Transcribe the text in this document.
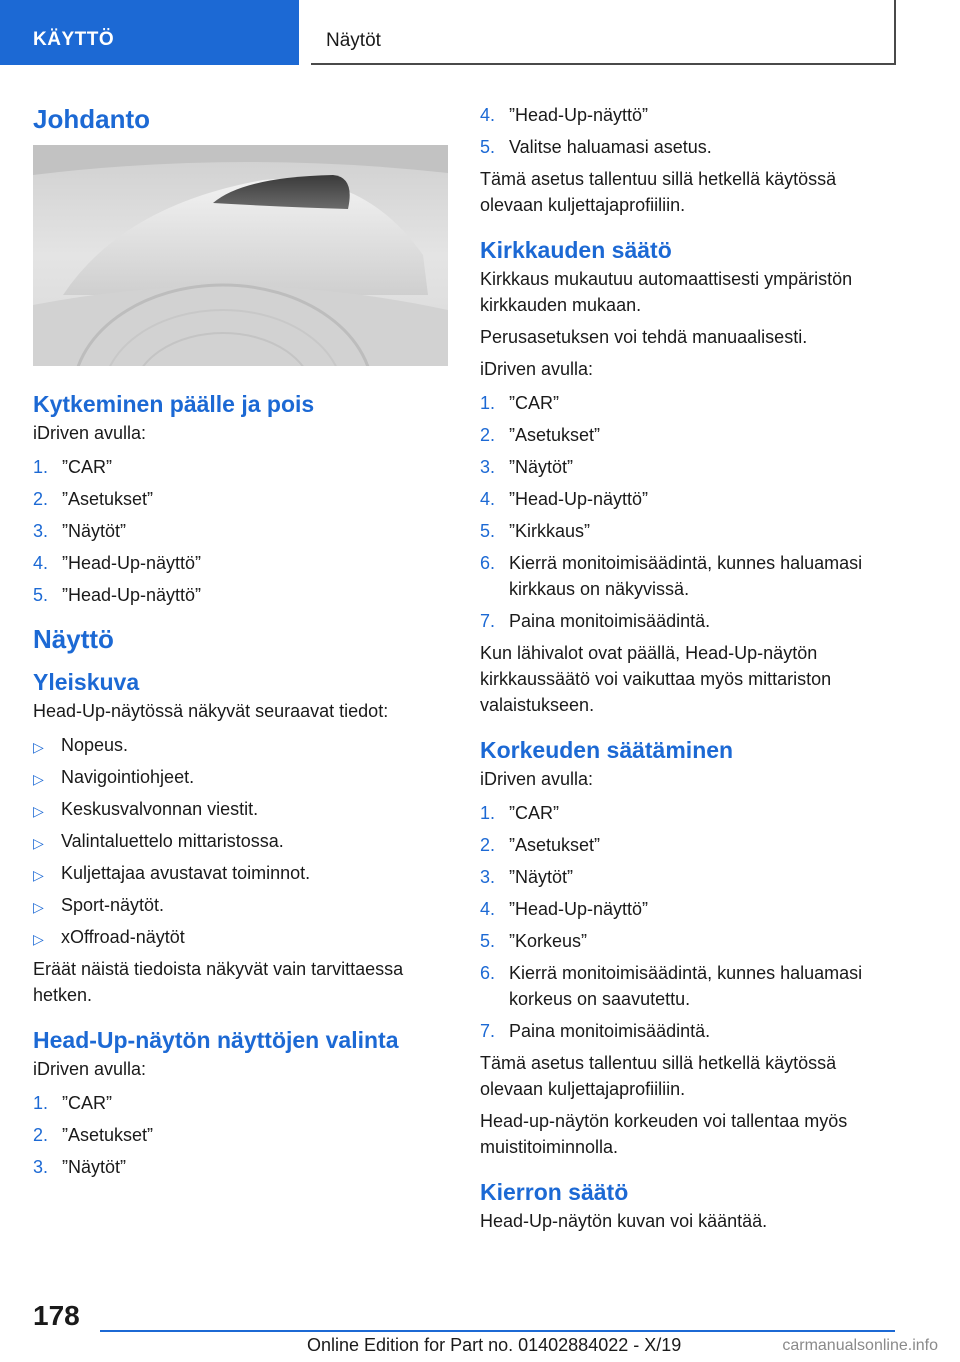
KÄYTTÖ	Näytöt
Johdanto
Kytkeminen päälle ja pois

iDriven avulla:

1. ”CAR”
2. ”Asetukset”
3. ”Näytöt”
4. ”Head-Up-näyttö”
5. ”Head-Up-näyttö”
Näyttö
Yleiskuva

Head-Up-näytössä näkyvät seuraavat tiedot:

▷ Nopeus.
▷ Navigointiohjeet.
▷ Keskusvalvonnan viestit.
▷ Valintaluettelo mittaristossa.
▷ Kuljettajaa avustavat toiminnot.
▷ Sport-näytöt.
▷ xOffroad-näytöt

Eräät näistä tiedoista näkyvät vain tarvittaessa hetken.

Head-Up-näytön näyttöjen valinta

iDriven avulla:

1. ”CAR”
2. ”Asetukset”
3. ”Näytöt”
4. ”Head-Up-näyttö”
5. Valitse haluamasi asetus.

Tämä asetus tallentuu sillä hetkellä käytössä olevaan kuljettajaprofiiliin.

Kirkkauden säätö

Kirkkaus mukautuu automaattisesti ympäristön kirkkauden mukaan.

Perusasetuksen voi tehdä manuaalisesti.

iDriven avulla:

1. ”CAR”
2. ”Asetukset”
3. ”Näytöt”
4. ”Head-Up-näyttö”
5. ”Kirkkaus”
6. Kierrä monitoimisäädintä, kunnes haluamasi kirkkaus on näkyvissä.
7. Paina monitoimisäädintä.

Kun lähivalot ovat päällä, Head-Up-näytön kirkkaussäätö voi vaikuttaa myös mittariston valaistukseen.

Korkeuden säätäminen

iDriven avulla:

1. ”CAR”
2. ”Asetukset”
3. ”Näytöt”
4. ”Head-Up-näyttö”
5. ”Korkeus”
6. Kierrä monitoimisäädintä, kunnes haluamasi korkeus on saavutettu.
7. Paina monitoimisäädintä.

Tämä asetus tallentuu sillä hetkellä käytössä olevaan kuljettajaprofiiliin.

Head-up-näytön korkeuden voi tallentaa myös muistitoiminnolla.

Kierron säätö

Head-Up-näytön kuvan voi kääntää.

178
Online Edition for Part no. 01402884022 - X/19	carmanualsonline.info
